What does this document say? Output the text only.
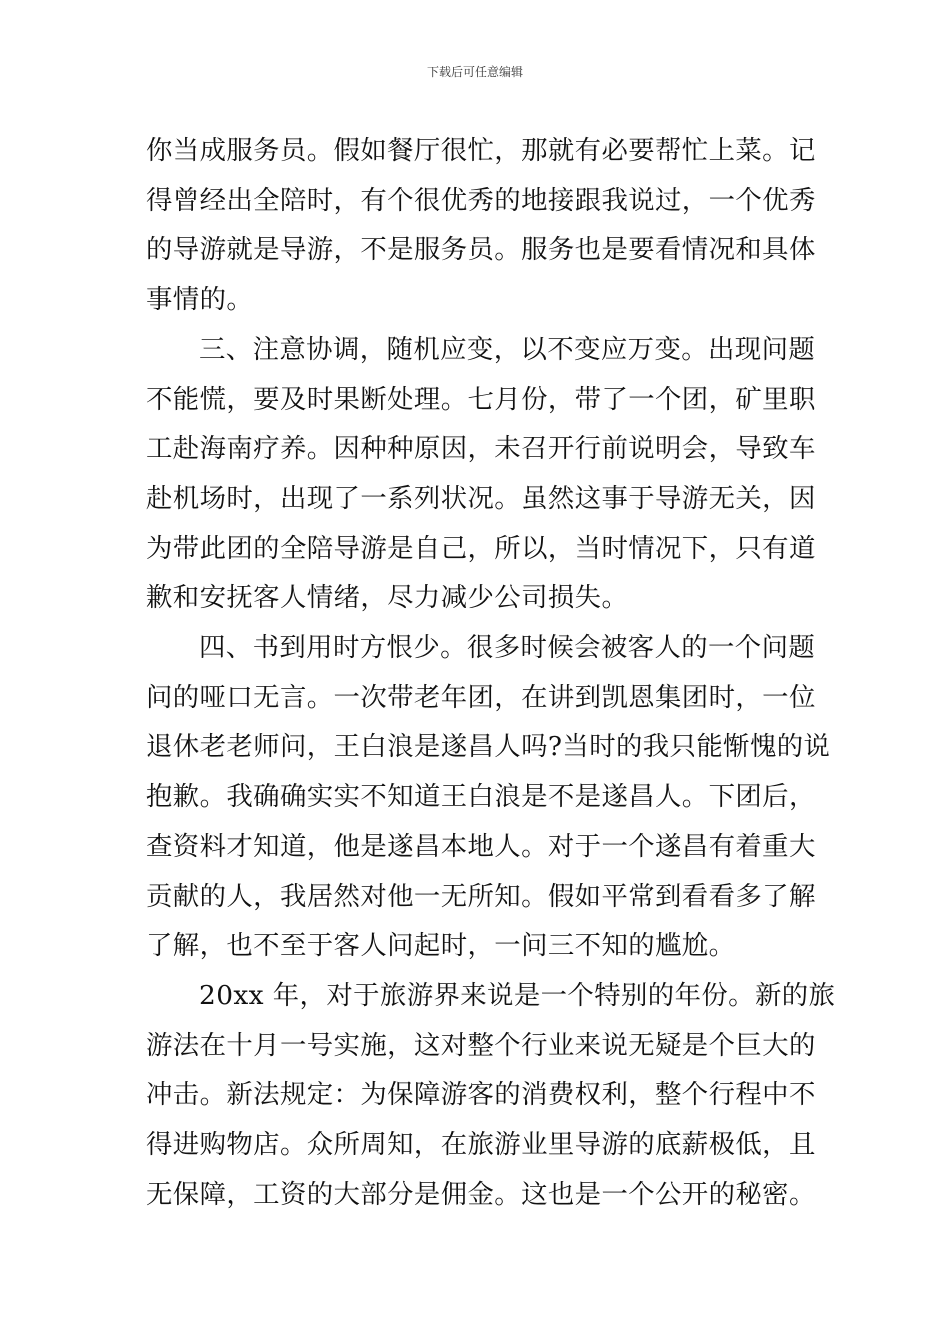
下载后可任意编辑

你当成服务员。假如餐厅很忙，那就有必要帮忙上菜。记
得曾经出全陪时，有个很优秀的地接跟我说过，一个优秀
的导游就是导游，不是服务员。服务也是要看情况和具体
事情的。

三、注意协调，随机应变，以不变应万变。出现问题
不能慌，要及时果断处理。七月份，带了一个团，矿里职
工赴海南疗养。因种种原因，未召开行前说明会，导致车
赴机场时，出现了一系列状况。虽然这事于导游无关，因
为带此团的全陪导游是自己，所以，当时情况下，只有道
歉和安抚客人情绪，尽力减少公司损失。

四、书到用时方恨少。很多时候会被客人的一个问题
问的哑口无言。一次带老年团，在讲到凯恩集团时，一位
退休老老师问，王白浪是遂昌人吗?当时的我只能惭愧的说
抱歉。我确确实实不知道王白浪是不是遂昌人。下团后，
查资料才知道，他是遂昌本地人。对于一个遂昌有着重大
贡献的人，我居然对他一无所知。假如平常到看看多了解
了解，也不至于客人问起时，一问三不知的尴尬。

20xx 年，对于旅游界来说是一个特别的年份。新的旅
游法在十月一号实施，这对整个行业来说无疑是个巨大的
冲击。新法规定：为保障游客的消费权利，整个行程中不
得进购物店。众所周知，在旅游业里导游的底薪极低，且
无保障，工资的大部分是佣金。这也是一个公开的秘密。
